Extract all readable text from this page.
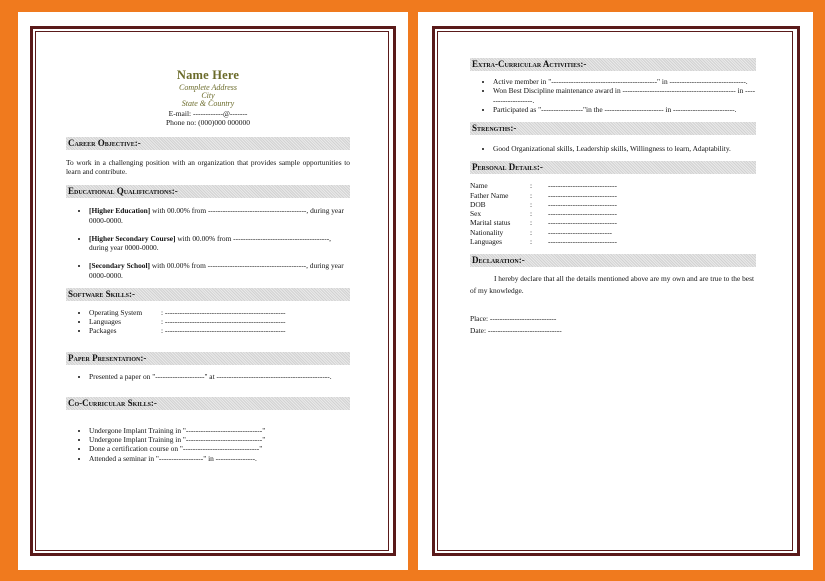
Name Here
Complete Address
City
State & Country
E-mail: ------------@-------
Phone no: (000)000 000000
Career Objective:-
To work in a challenging position with an organization that provides sample opportunities to learn and contribute.
Educational Qualifications:-
• [Higher Education] with 00.00% from ----------------------------------------, during year 0000-0000.
• [Higher Secondary Course] with 00.00% from ---------------------------------------, during year 0000-0000.
• [Secondary School] with 00.00% from ----------------------------------------, during year 0000-0000.
Software Skills:-
• Operating System	: -------------------------------------------------
• Languages	: -------------------------------------------------
• Packages	: -------------------------------------------------
Paper Presentation:-
• Presented a paper on "--------------------" at ----------------------------------------------.
Co-Curricular Skills:-
• Undergone Implant Training in "-------------------------------"
• Undergone Implant Training in "-------------------------------"
• Done a certification course on "-------------------------------"
• Attended a seminar in "------------------" in ----------------.
Extra-Curricular Activities:-
• Active member in "-------------------------------------------" in -------------------------------.
• Won Best Discipline maintenance award in ---------------------------------------------- in --------------------.
• Participated as "-----------------"in the ------------------------ in -------------------------.
Strengths:-
• Good Organizational skills, Leadership skills, Willingness to learn, Adaptability.
Personal Details:-
Name	:	----------------------------
Father Name	:	----------------------------
DOB	:	----------------------------
Sex	:	----------------------------
Marital status	:	----------------------------
Nationality	:	--------------------------
Languages	:	----------------------------
Declaration:-
I hereby declare that all the details mentioned above are my own and are true to the best of my knowledge.
Place: ---------------------------
Date: ------------------------------
